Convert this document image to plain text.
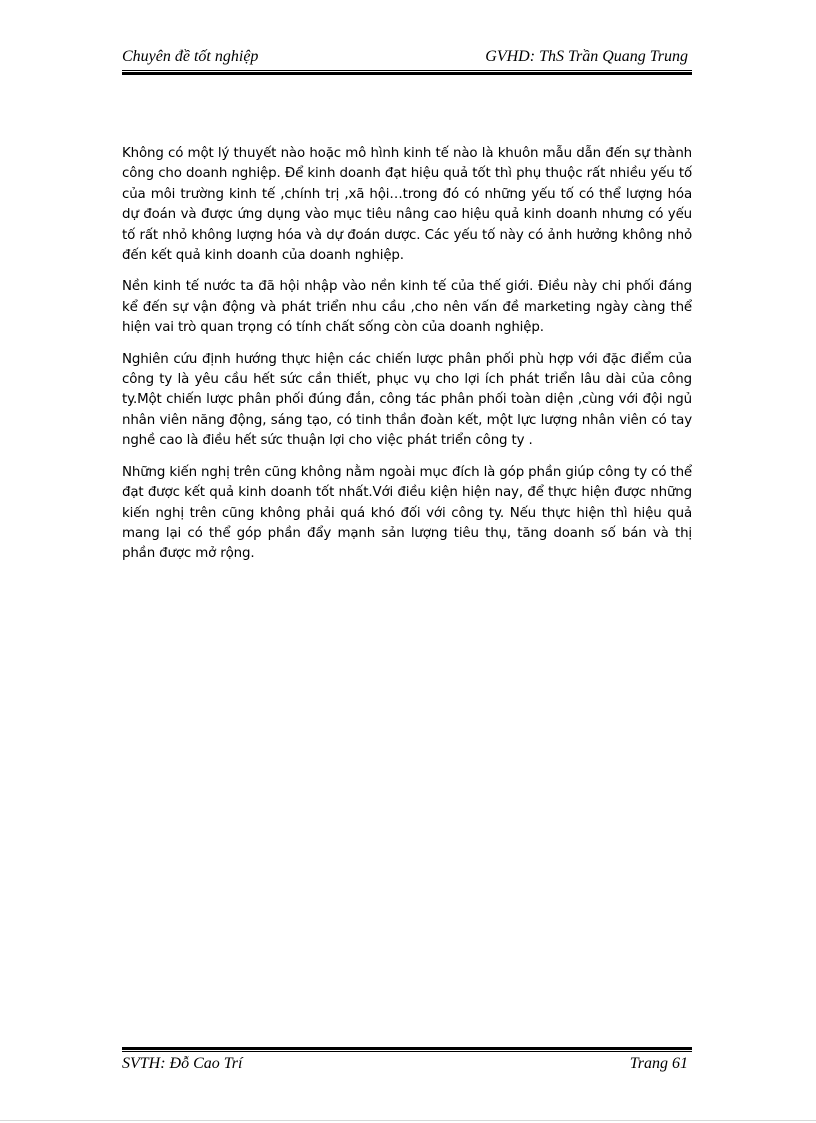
Chuyên đề tốt nghiệp	GVHD: ThS Trần Quang Trung

Không có một lý thuyết nào hoặc mô hình kinh tế nào là khuôn mẫu dẫn đến sự thành công cho doanh nghiệp. Để kinh doanh đạt hiệu quả tốt thì phụ thuộc rất nhiều yếu tố của môi trường kinh tế ,chính trị ,xã hội…trong đó có những yếu tố có thể lượng hóa dự đoán và được ứng dụng vào mục tiêu nâng cao hiệu quả kinh doanh nhưng có yếu tố rất nhỏ không lượng hóa và dự đoán dược. Các yếu tố này có ảnh hưởng không nhỏ đến kết quả kinh doanh của doanh nghiệp.

Nền kinh tế nước ta đã hội nhập vào nền kinh tế của thế giới. Điều này chi phối đáng kể đến sự vận động và phát triển nhu cầu ,cho nên vấn đề marketing ngày càng thể hiện vai trò quan trọng có tính chất sống còn của doanh nghiệp.

Nghiên cứu định hướng thực hiện các chiến lược phân phối phù hợp với đặc điểm của công ty là yêu cầu hết sức cần thiết, phục vụ cho lợi ích phát triển lâu dài của công ty.Một chiến lược phân phối đúng đắn, công tác phân phối toàn diện ,cùng với đội ngủ nhân viên năng động, sáng tạo, có tinh thần đoàn kết, một lực lượng nhân viên có tay nghề cao là điều hết sức thuận lợi cho việc phát triển công ty .

Những kiến nghị trên cũng không nằm ngoài mục đích là góp phần giúp công ty có thể đạt được kết quả kinh doanh tốt nhất.Với điều kiện hiện nay, để thực hiện được những kiến nghị trên cũng không phải quá khó đối với công ty. Nếu thực hiện thì hiệu quả mang lại có thể góp phần đẩy mạnh sản lượng tiêu thụ, tăng doanh số bán và thị phần được mở rộng.

SVTH: Đỗ Cao Trí	Trang 61
